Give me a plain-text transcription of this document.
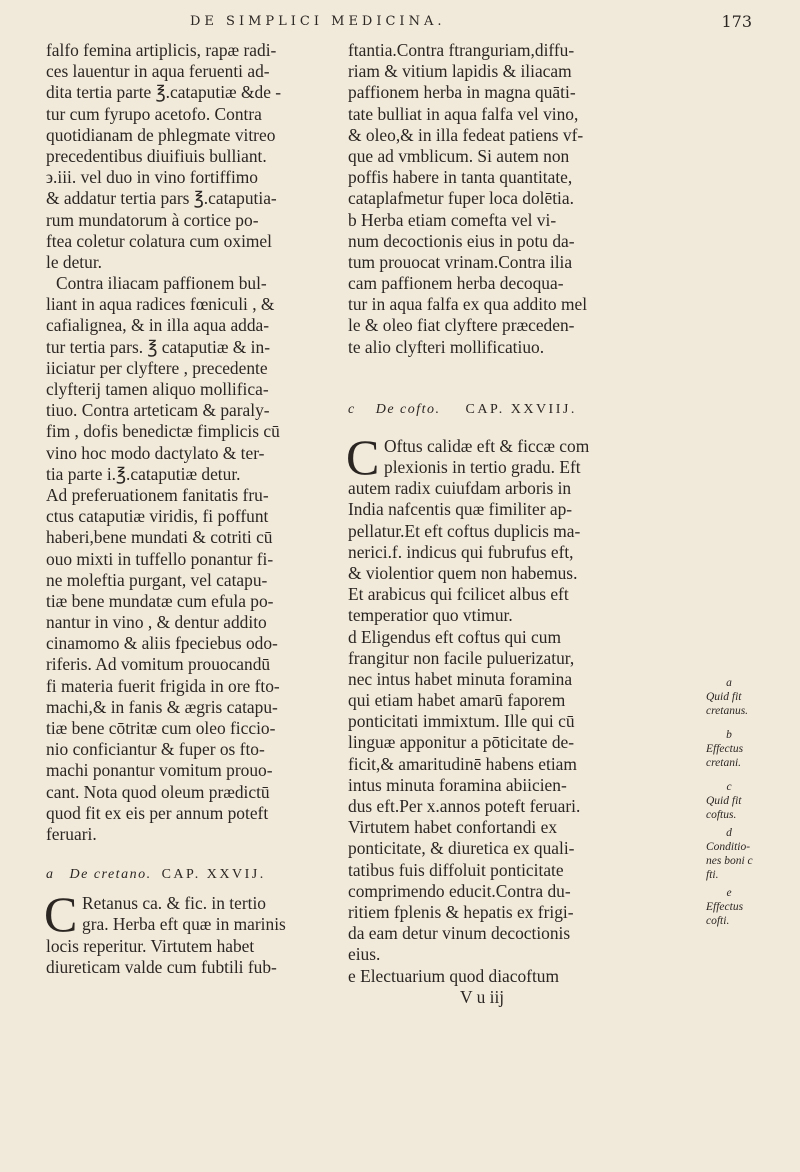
DE SIMPLICI MEDICINA.	173
falfo femina artiplicis, rapæ radi-
ces lauentur in aqua feruenti ad-
dita tertia parte ℥.cataputiæ &de -
tur cum fyrupo acetofo. Contra
quotidianam de phlegmate vitreo
precedentibus diuifiuis bulliant.
϶.iii. vel duo in vino fortiffimo
& addatur tertia pars ℥.cataputia-
rum mundatorum à cortice po-
ftea coletur colatura cum oximel
le detur.
Contra iliacam paffionem bul-
liant in aqua radices fœniculi , &
cafialignea, & in illa aqua adda-
tur tertia pars. ℥ cataputiæ & in-
iiciatur per clyftere , precedente
clyfterij tamen aliquo mollifica-
tiuo. Contra arteticam & paraly-
fim , dofis benedictæ fimplicis cū
vino hoc modo dactylato & ter-
tia parte i.℥.cataputiæ detur.
Ad preferuationem fanitatis fru-
ctus cataputiæ viridis, fi poffunt
haberi,bene mundati & cotriti cū
ouo mixti in tuffello ponantur fi-
ne moleftia purgant, vel catapu-
tiæ bene mundatæ cum efula po-
nantur in vino , & dentur addito
cinamomo & aliis fpeciebus odo-
riferis. Ad vomitum prouocandū
fi materia fuerit frigida in ore fto-
machi,& in fanis & ægris catapu-
tiæ bene cōtritæ cum oleo ficcio-
nio conficiantur & fuper os fto-
machi ponantur vomitum prouo-
cant. Nota quod oleum prædictū
quod fit ex eis per annum poteft
feruari.
a De cretano. CAP. XXVIJ.
C Retanus ca. & fic. in tertio
gra. Herba eft quæ in marinis
locis reperitur. Virtutem habet
diureticam valde cum fubtili fub-
ftantia.Contra ftranguriam,diffu-
riam & vitium lapidis & iliacam
paffionem herba in magna quāti-
tate bulliat in aqua falfa vel vino,
& oleo,& in illa fedeat patiens vf-
que ad vmblicum. Si autem non
poffis habere in tanta quantitate,
cataplafmetur fuper loca dolētia.
b Herba etiam comefta vel vi-
num decoctionis eius in potu da-
tum prouocat vrinam.Contra ilia
cam paffionem herba decoqua-
tur in aqua falfa ex qua addito mel
le & oleo fiat clyftere præceden-
te alio clyfteri mollificatiuo.
c De cofto. CAP. XXVIIJ.
C Oftus calidæ eft & ficcæ com
plexionis in tertio gradu. Eft
autem radix cuiufdam arboris in
India nafcentis quæ fimiliter ap-
pellatur.Et eft coftus duplicis ma-
nerici.f. indicus qui fubrufus eft,
& violentior quem non habemus.
Et arabicus qui fcilicet albus eft
temperatior quo vtimur.
d Eligendus eft coftus qui cum
frangitur non facile puluerizatur,
nec intus habet minuta foramina
qui etiam habet amarū faporem
ponticitati immixtum. Ille qui cū
linguæ apponitur a pōticitate de-
ficit,& amaritudinē habens etiam
intus minuta foramina abiicien-
dus eft.Per x.annos poteft feruari.
Virtutem habet confortandi ex
ponticitate, & diuretica ex quali-
tatibus fuis diffoluit ponticitate
comprimendo educit.Contra du-
ritiem fplenis & hepatis ex frigi-
da eam detur vinum decoctionis
eius.
e Electuarium quod diacoftum
V u iij
a
Quid fit
cretanus.
b
Effectus
cretani.
c
Quid fit
coftus.
d
Conditio-
nes boni c
fti.
e
Effectus
cofti.
